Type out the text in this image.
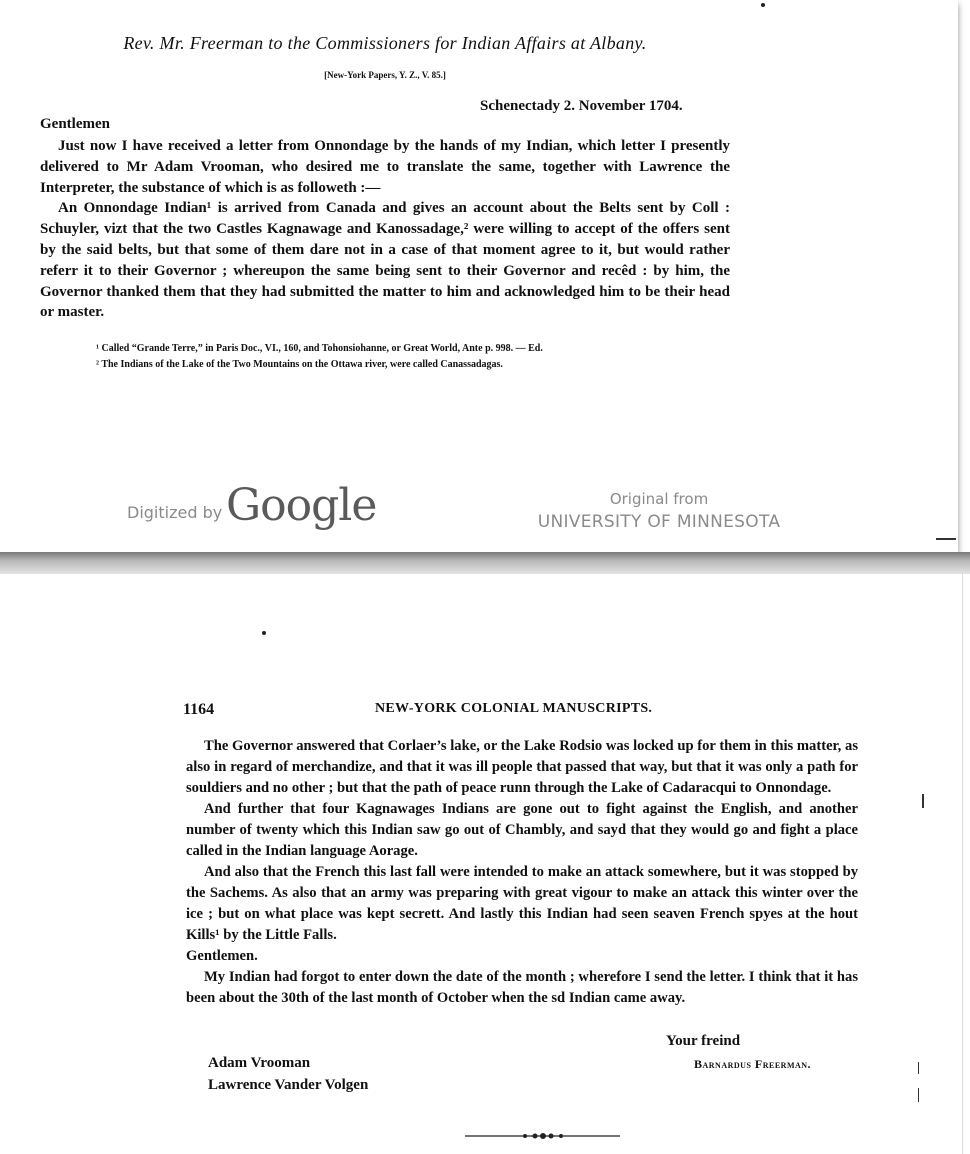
Rev. Mr. Freerman to the Commissioners for Indian Affairs at Albany.
[New-York Papers, Y. Z., V. 85.]
Schenectady 2. November 1704.
Gentlemen

Just now I have received a letter from Onnondage by the hands of my Indian, which letter I presently delivered to Mr Adam Vrooman, who desired me to translate the same, together with Lawrence the Interpreter, the substance of which is as followeth :—

An Onnondage Indian¹ is arrived from Canada and gives an account about the Belts sent by Coll : Schuyler, vizt that the two Castles Kagnawage and Kanossadage,² were willing to accept of the offers sent by the said belts, but that some of them dare not in a case of that moment agree to it, but would rather referr it to their Governor ; whereupon the same being sent to their Governor and recêd : by him, the Governor thanked them that they had submitted the matter to him and acknowledged him to be their head or master.

¹ Called “Grande Terre,” in Paris Doc., VI., 160, and Tohonsiohanne, or Great World, Ante p. 998. — Ed.
² The Indians of the Lake of the Two Mountains on the Ottawa river, were called Canassadagas.
Digitized by Google	Original from
UNIVERSITY OF MINNESOTA
1164	NEW-YORK COLONIAL MANUSCRIPTS.

The Governor answered that Corlaer’s lake, or the Lake Rodsio was locked up for them in this matter, as also in regard of merchandize, and that it was ill people that passed that way, but that it was only a path for souldiers and no other ; but that the path of peace runn through the Lake of Cadaracqui to Onnondage.

And further that four Kagnawages Indians are gone out to fight against the English, and another number of twenty which this Indian saw go out of Chambly, and sayd that they would go and fight a place called in the Indian language Aorage.

And also that the French this last fall were intended to make an attack somewhere, but it was stopped by the Sachems. As also that an army was preparing with great vigour to make an attack this winter over the ice ; but on what place was kept secrett. And lastly this Indian had seen seaven French spyes at the hout Kills¹ by the Little Falls.

Gentlemen.

My Indian had forgot to enter down the date of the month ; wherefore I send the letter. I think that it has been about the 30th of the last month of October when the sd Indian came away.

Your freind
Barnardus Freerman.
Adam Vrooman
Lawrence Vander Volgen
